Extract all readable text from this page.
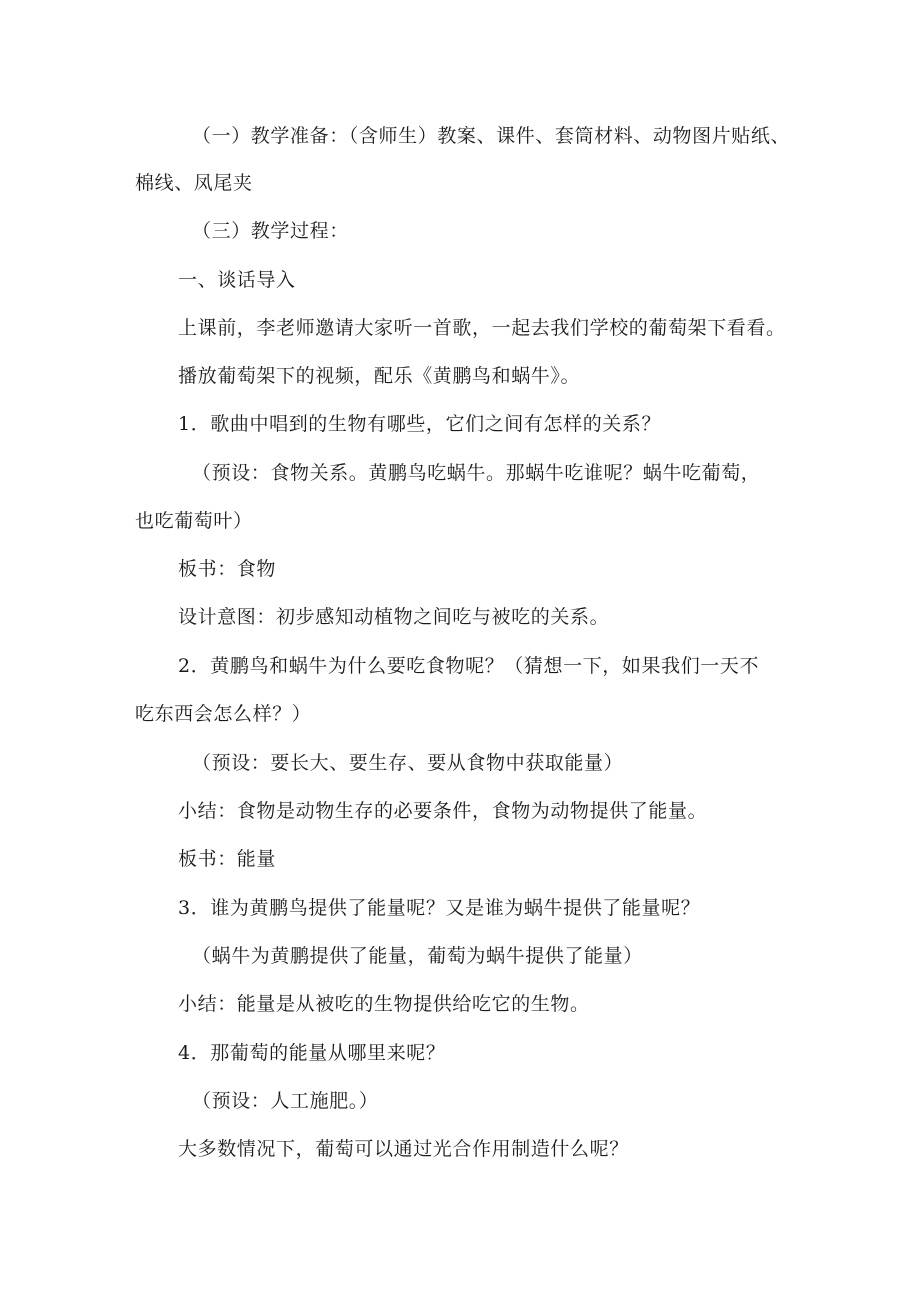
（一）教学准备：（含师生）教案、课件、套筒材料、动物图片贴纸、
棉线、凤尾夹
（三）教学过程：
一、谈话导入
上课前，李老师邀请大家听一首歌，一起去我们学校的葡萄架下看看。
播放葡萄架下的视频，配乐《黄鹏鸟和蜗牛》。
1．歌曲中唱到的生物有哪些，它们之间有怎样的关系？
（预设：食物关系。黄鹏鸟吃蜗牛。那蜗牛吃谁呢？蜗牛吃葡萄，
也吃葡萄叶）
板书：食物
设计意图：初步感知动植物之间吃与被吃的关系。
2．黄鹏鸟和蜗牛为什么要吃食物呢？（猜想一下，如果我们一天不
吃东西会怎么样？）
（预设：要长大、要生存、要从食物中获取能量）
小结：食物是动物生存的必要条件，食物为动物提供了能量。
板书：能量
3．谁为黄鹏鸟提供了能量呢？又是谁为蜗牛提供了能量呢？
（蜗牛为黄鹏提供了能量，葡萄为蜗牛提供了能量）
小结：能量是从被吃的生物提供给吃它的生物。
4．那葡萄的能量从哪里来呢？
（预设：人工施肥。）
大多数情况下，葡萄可以通过光合作用制造什么呢？
